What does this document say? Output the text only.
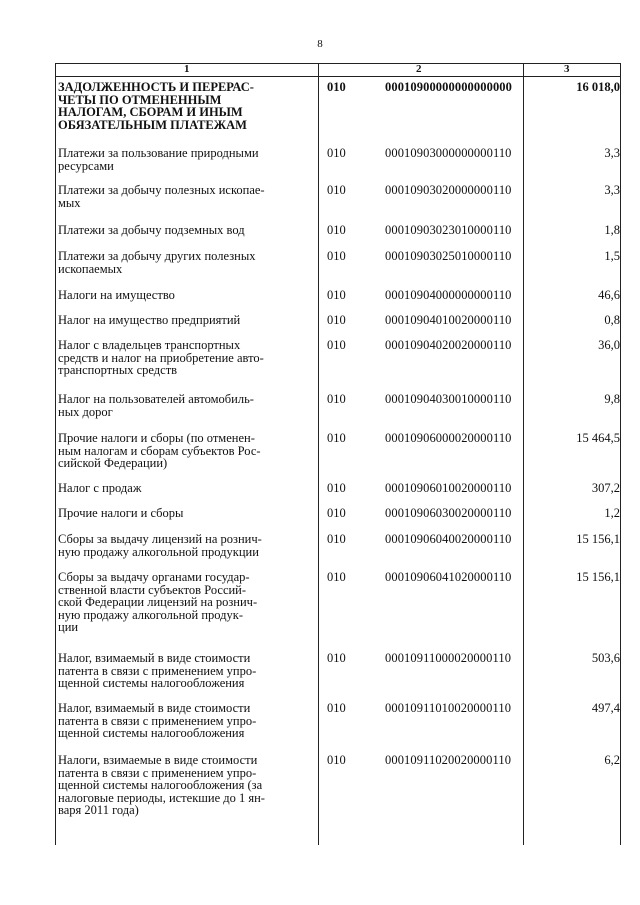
8
1	2	3
ЗАДОЛЖЕННОСТЬ И ПЕРЕРАС-
ЧЕТЫ ПО ОТМЕНЕННЫМ
НАЛОГАМ, СБОРАМ И ИНЫМ
ОБЯЗАТЕЛЬНЫМ ПЛАТЕЖАМ
010	00010900000000000000	16 018,0
Платежи за пользование природными
ресурсами
010	00010903000000000110	3,3
Платежи за добычу полезных ископае-
мых
010	00010903020000000110	3,3
Платежи за добычу подземных вод	010	00010903023010000110	1,8
Платежи за добычу других полезных
ископаемых
010	00010903025010000110	1,5
Налоги на имущество	010	00010904000000000110	46,6
Налог на имущество предприятий	010	00010904010020000110	0,8
Налог с владельцев транспортных
средств и налог на приобретение авто-
транспортных средств
010	00010904020020000110	36,0
Налог на пользователей автомобиль-
ных дорог
010	00010904030010000110	9,8
Прочие налоги и сборы (по отменен-
ным налогам и сборам субъектов Рос-
сийской Федерации)
010	00010906000020000110	15 464,5
Налог с продаж	010	00010906010020000110	307,2
Прочие налоги и сборы	010	00010906030020000110	1,2
Сборы за выдачу лицензий на рознич-
ную продажу алкогольной продукции
010	00010906040020000110	15 156,1
Сборы за выдачу органами государ-
ственной власти субъектов Россий-
ской Федерации лицензий на рознич-
ную продажу алкогольной продук-
ции
010	00010906041020000110	15 156,1
Налог, взимаемый в виде стоимости
патента в связи с применением упро-
щенной системы налогообложения
010	00010911000020000110	503,6
Налог, взимаемый в виде стоимости
патента в связи с применением упро-
щенной системы налогообложения
010	00010911010020000110	497,4
Налоги, взимаемые в виде стоимости
патента в связи с применением упро-
щенной системы налогообложения (за
налоговые периоды, истекшие до 1 ян-
варя 2011 года)
010	00010911020020000110	6,2
